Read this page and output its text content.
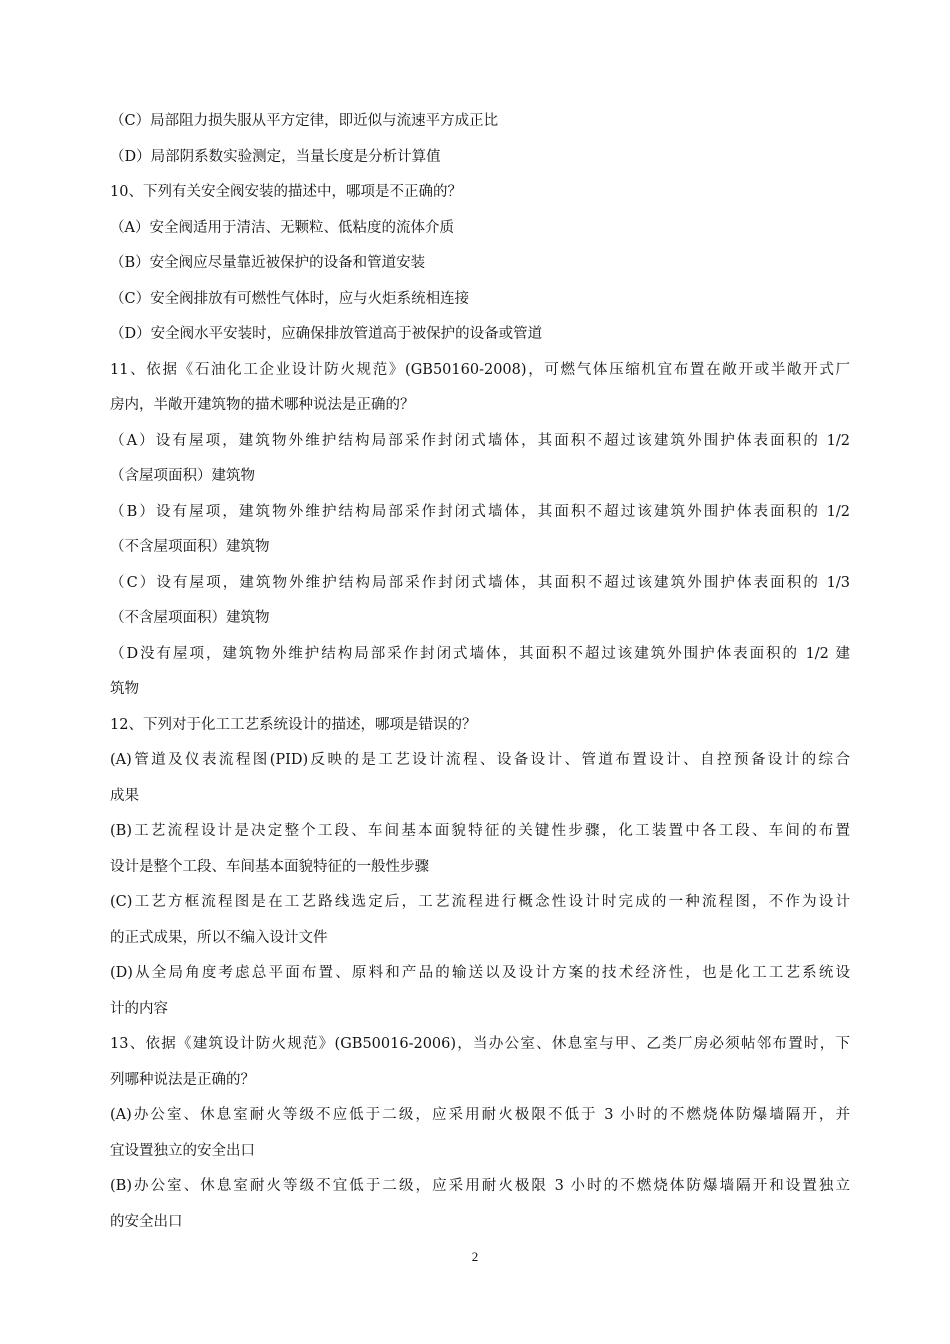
（C）局部阻力损失服从平方定律，即近似与流速平方成正比
（D）局部阴系数实验测定，当量长度是分析计算值
10、下列有关安全阀安装的描述中，哪项是不正确的？
（A）安全阀适用于清洁、无颗粒、低粘度的流体介质
（B）安全阀应尽量靠近被保护的设备和管道安装
（C）安全阀排放有可燃性气体时，应与火炬系统相连接
（D）安全阀水平安装时，应确保排放管道高于被保护的设备或管道
11、依据《石油化工企业设计防火规范》(GB50160-2008)，可燃气体压缩机宜布置在敞开或半敞开式厂
房内，半敞开建筑物的描术哪种说法是正确的？
（A）设有屋项，建筑物外维护结构局部采作封闭式墙体，其面积不超过该建筑外围护体表面积的 1/2
（含屋项面积）建筑物
（B）设有屋项，建筑物外维护结构局部采作封闭式墙体，其面积不超过该建筑外围护体表面积的 1/2
（不含屋项面积）建筑物
（C）设有屋项，建筑物外维护结构局部采作封闭式墙体，其面积不超过该建筑外围护体表面积的 1/3
（不含屋项面积）建筑物
（D没有屋项，建筑物外维护结构局部采作封闭式墙体，其面积不超过该建筑外围护体表面积的 1/2 建
筑物
12、下列对于化工工艺系统设计的描述，哪项是错误的？
(A)管道及仪表流程图(PID)反映的是工艺设计流程、设备设计、管道布置设计、自控预备设计的综合
成果
(B)工艺流程设计是决定整个工段、车间基本面貌特征的关键性步骤，化工装置中各工段、车间的布置
设计是整个工段、车间基本面貌特征的一般性步骤
(C)工艺方框流程图是在工艺路线选定后，工艺流程进行概念性设计时完成的一种流程图，不作为设计
的正式成果，所以不编入设计文件
(D)从全局角度考虑总平面布置、原料和产品的输送以及设计方案的技术经济性，也是化工工艺系统设
计的内容
13、依据《建筑设计防火规范》(GB50016-2006)，当办公室、休息室与甲、乙类厂房必须帖邻布置时，下
列哪种说法是正确的？
(A)办公室、休息室耐火等级不应低于二级，应采用耐火极限不低于 3 小时的不燃烧体防爆墙隔开，并
宜设置独立的安全出口
(B)办公室、休息室耐火等级不宜低于二级，应采用耐火极限 3 小时的不燃烧体防爆墙隔开和设置独立
的安全出口
2
